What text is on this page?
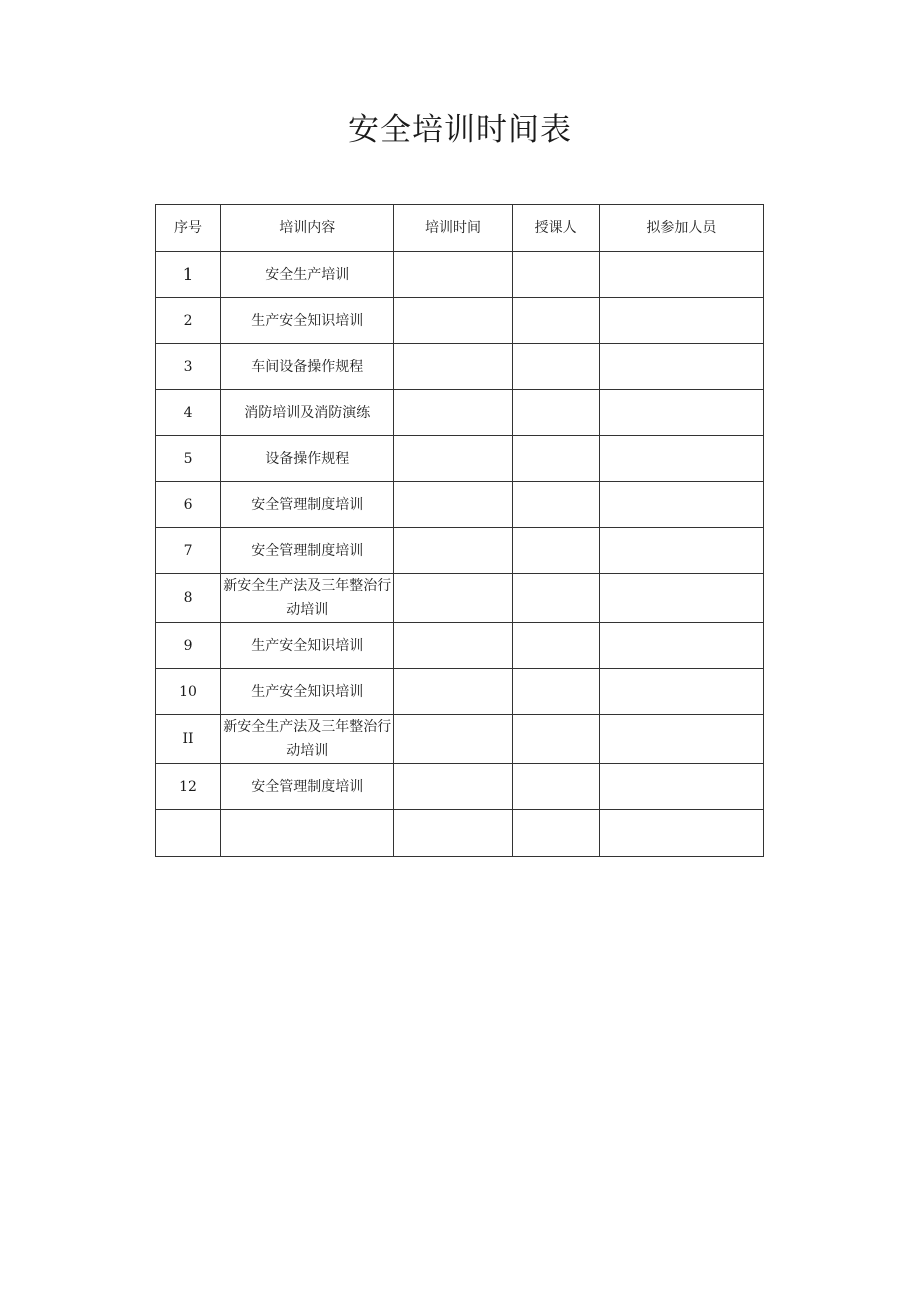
安全培训时间表
序号	培训内容	培训时间	授课人	拟参加人员
1	安全生产培训			
2	生产安全知识培训			
3	车间设备操作规程			
4	消防培训及消防演练			
5	设备操作规程			
6	安全管理制度培训			
7	安全管理制度培训			
8	新安全生产法及三年整治行动培训			
9	生产安全知识培训			
10	生产安全知识培训			
II	新安全生产法及三年整治行动培训			
12	安全管理制度培训			
